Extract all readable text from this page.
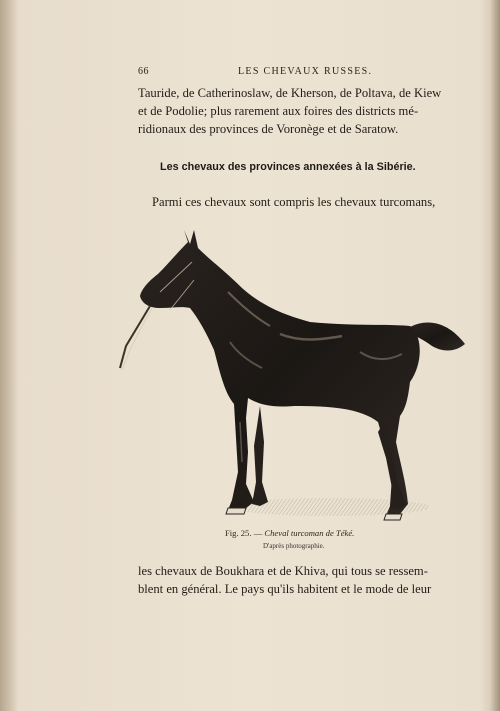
66	LES CHEVAUX RUSSES.
Tauride, de Catherinoslaw, de Kherson, de Poltava, de Kiew
et de Podolie; plus rarement aux foires des districts mé-
ridionaux des provinces de Voronège et de Saratow.
Les chevaux des provinces annexées à la Sibérie.
Parmi ces chevaux sont compris les chevaux turcomans,
Fig. 25. — Cheval turcoman de Téké.
D'après photographie.
les chevaux de Boukhara et de Khiva, qui tous se ressem-
blent en général. Le pays qu'ils habitent et le mode de leur
